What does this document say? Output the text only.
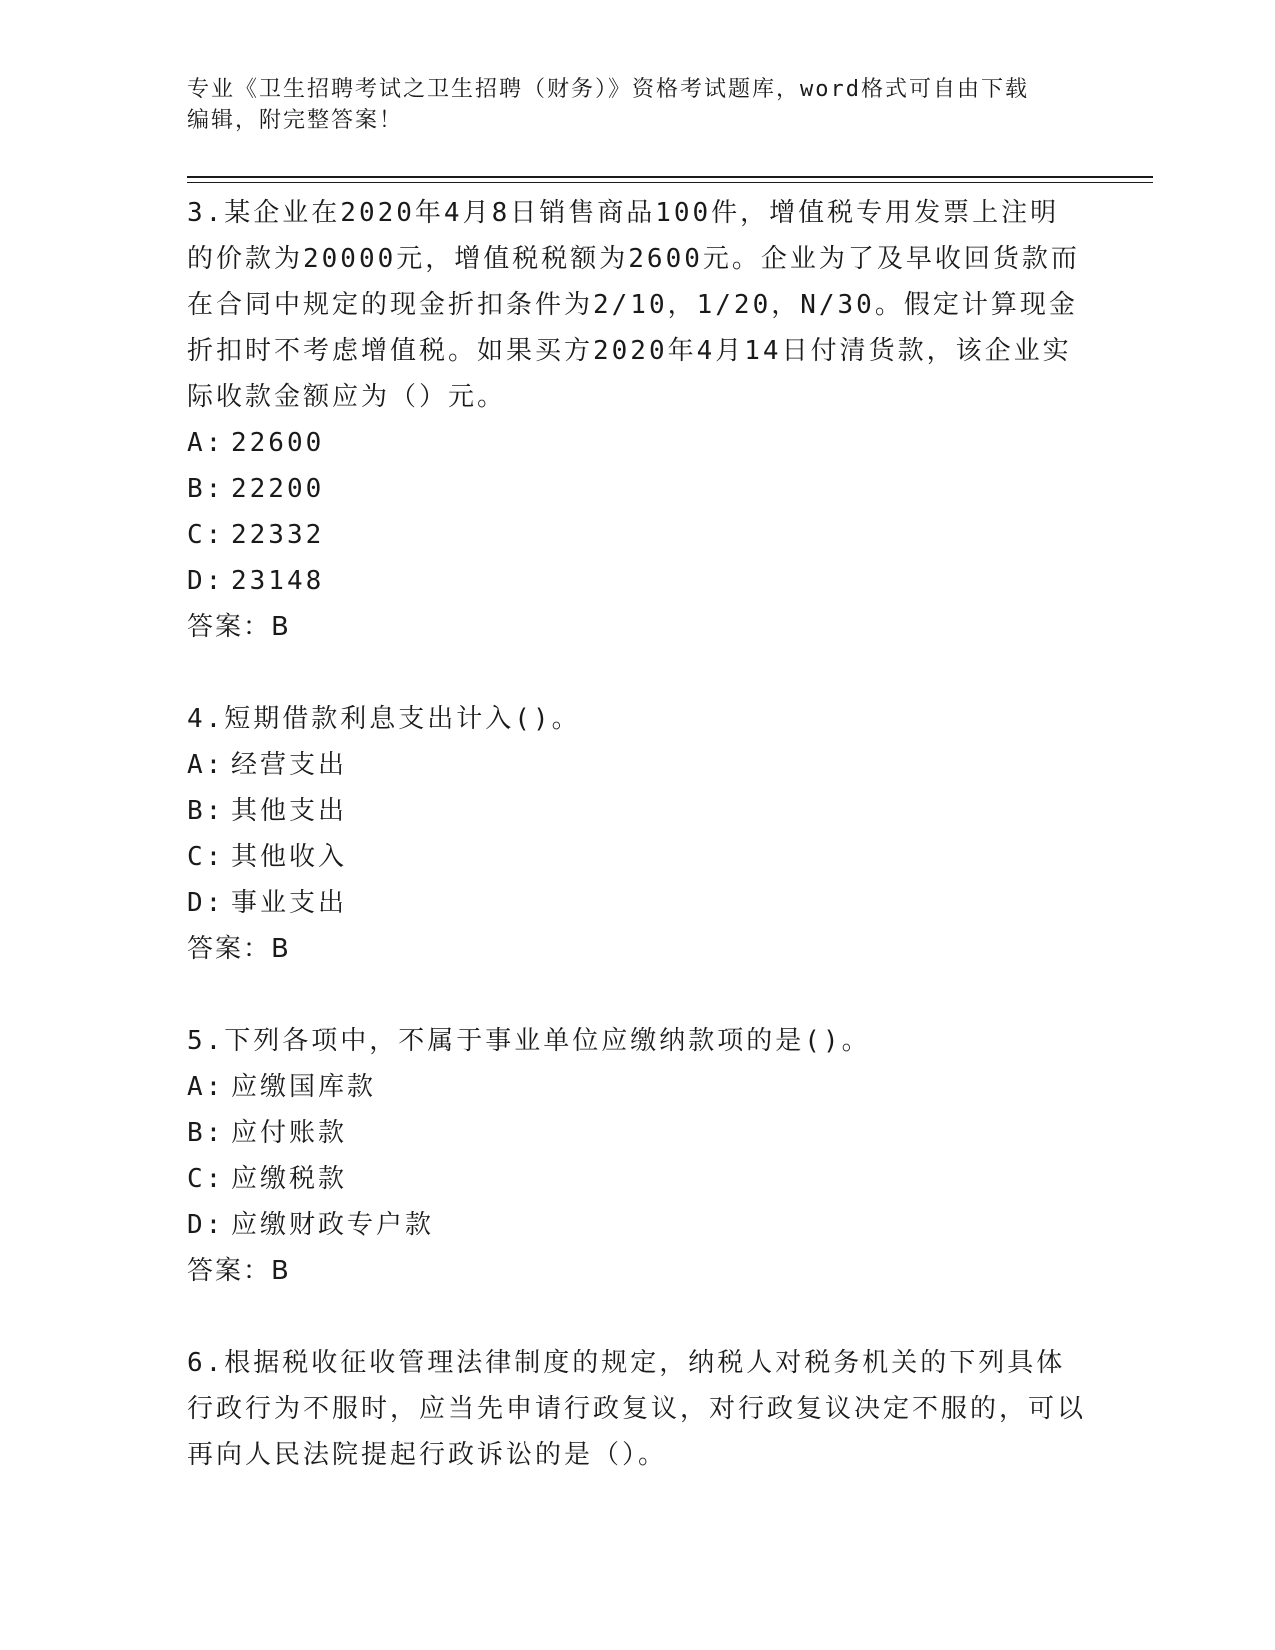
专业《卫生招聘考试之卫生招聘（财务）》资格考试题库，word格式可自由下载
编辑，附完整答案！

3.某企业在2020年4月8日销售商品100件，增值税专用发票上注明的价款为20000元，增值税税额为2600元。企业为了及早收回货款而在合同中规定的现金折扣条件为2/10，1/20，N/30。假定计算现金折扣时不考虑增值税。如果买方2020年4月14日付清货款，该企业实际收款金额应为（）元。

A: 22600
B: 22200
C: 22332
D: 23148

答案：B

4.短期借款利息支出计入()。

A: 经营支出
B: 其他支出
C: 其他收入
D: 事业支出

答案：B

5.下列各项中，不属于事业单位应缴纳款项的是()。

A: 应缴国库款
B: 应付账款
C: 应缴税款
D: 应缴财政专户款

答案：B

6.根据税收征收管理法律制度的规定，纳税人对税务机关的下列具体行政行为不服时，应当先申请行政复议，对行政复议决定不服的，可以再向人民法院提起行政诉讼的是（）。
